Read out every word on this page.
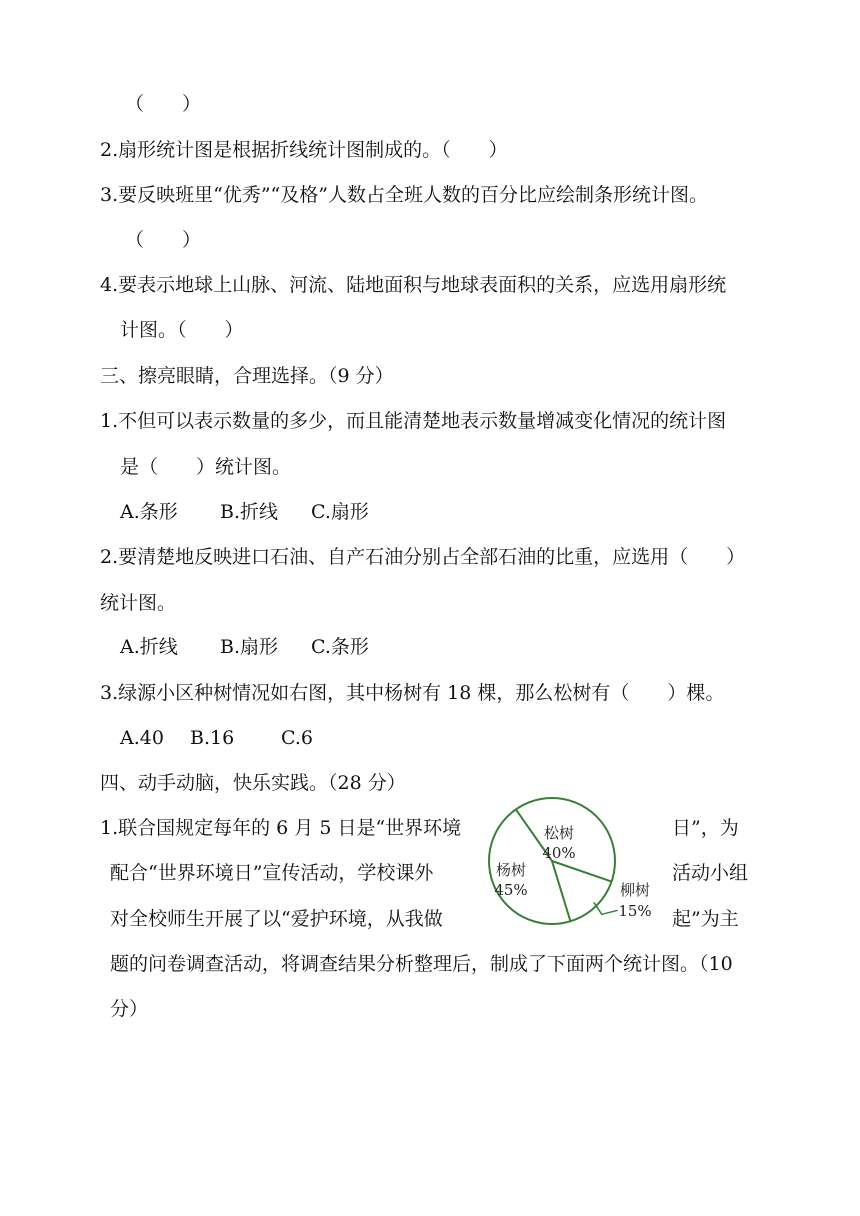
（　　）
2.扇形统计图是根据折线统计图制成的。（　　）
3.要反映班里“优秀”“及格”人数占全班人数的百分比应绘制条形统计图。
（　　）
4.要表示地球上山脉、河流、陆地面积与地球表面积的关系，应选用扇形统
计图。（　　）
三、擦亮眼睛，合理选择。（9 分）
1.不但可以表示数量的多少，而且能清楚地表示数量增减变化情况的统计图
是（　　）统计图。
A.条形 B.折线 C.扇形
2.要清楚地反映进口石油、自产石油分别占全部石油的比重，应选用（　　）
统计图。
A.折线 B.扇形 C.条形
3.绿源小区种树情况如右图，其中杨树有 18 棵，那么松树有（　　）棵。
A.40 B.16 C.6
四、动手动脑，快乐实践。（28 分）
1.联合国规定每年的 6 月 5 日是“世界环境	日”，为
配合“世界环境日”宣传活动，学校课外	活动小组
对全校师生开展了以“爱护环境，从我做	起”为主
题的问卷调查活动，将调查结果分析整理后，制成了下面两个统计图。（10
分）
松树
40%
杨树
45%	柳树
15%
